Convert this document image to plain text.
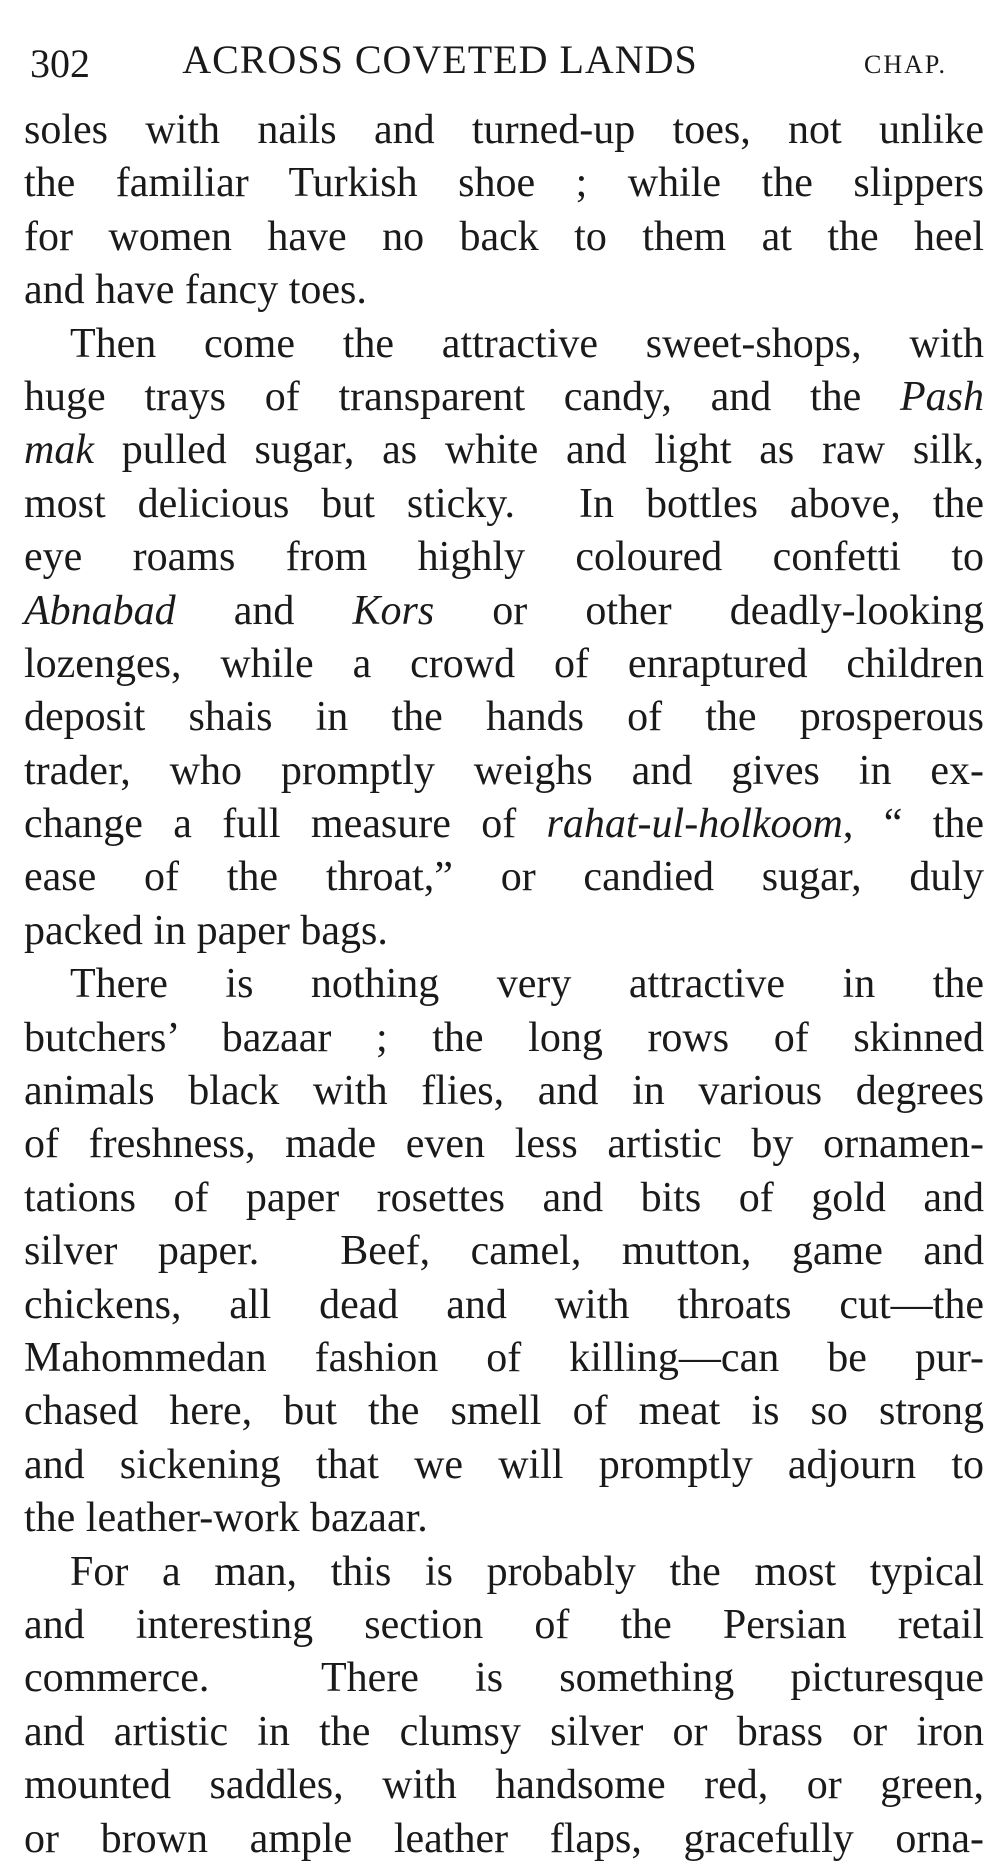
302	ACROSS COVETED LANDS	CHAP.
soles with nails and turned-up toes, not unlike
the familiar Turkish shoe ; while the slippers
for women have no back to them at the heel
and have fancy toes.
Then come the attractive sweet-shops, with
huge trays of transparent candy, and the Pash
mak pulled sugar, as white and light as raw silk,
most delicious but sticky.  In bottles above, the
eye roams from highly coloured confetti to
Abnabad and Kors or other deadly-looking
lozenges, while a crowd of enraptured children
deposit shais in the hands of the prosperous
trader, who promptly weighs and gives in ex-
change a full measure of rahat-ul-holkoom, “ the
ease of the throat,” or candied sugar, duly
packed in paper bags.
There is nothing very attractive in the
butchers’ bazaar ; the long rows of skinned
animals black with flies, and in various degrees
of freshness, made even less artistic by ornamen-
tations of paper rosettes and bits of gold and
silver paper.  Beef, camel, mutton, game and
chickens, all dead and with throats cut—the
Mahommedan fashion of killing—can be pur-
chased here, but the smell of meat is so strong
and sickening that we will promptly adjourn to
the leather-work bazaar.
For a man, this is probably the most typical
and interesting section of the Persian retail
commerce.  There is something picturesque
and artistic in the clumsy silver or brass or iron
mounted saddles, with handsome red, or green,
or brown ample leather flaps, gracefully orna-
